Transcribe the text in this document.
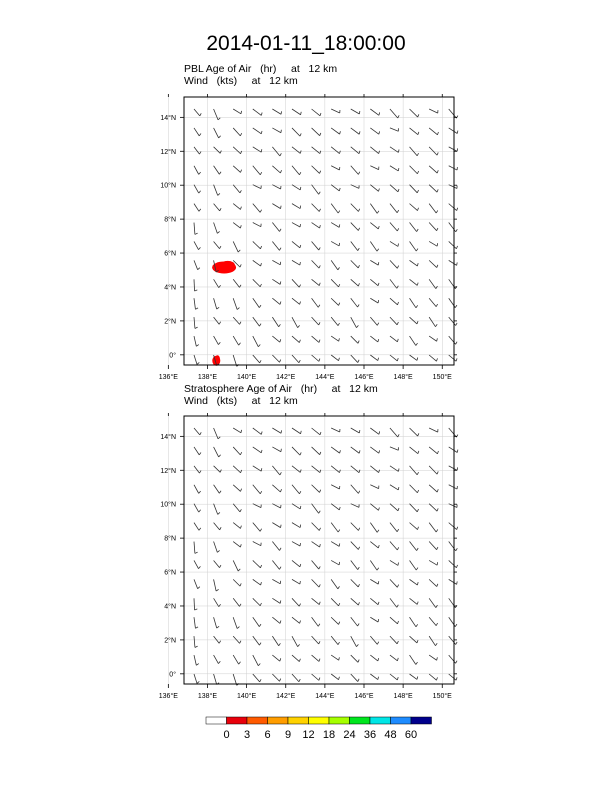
2014-01-11_18:00:00
PBL Age of Air   (hr)     at   12 km
Wind   (kts)     at   12 km
Stratosphere Age of Air   (hr)     at   12 km
Wind   (kts)     at   12 km
136°E	138°E	140°E	142°E	144°E	146°E	148°E	150°E
0°
2°N
4°N
6°N
8°N
10°N
12°N
14°N
136°E	138°E	140°E	142°E	144°E	146°E	148°E	150°E
0°
2°N
4°N
6°N
8°N
10°N
12°N
14°N
0 3 6 9 12 18 24 36 48 60
